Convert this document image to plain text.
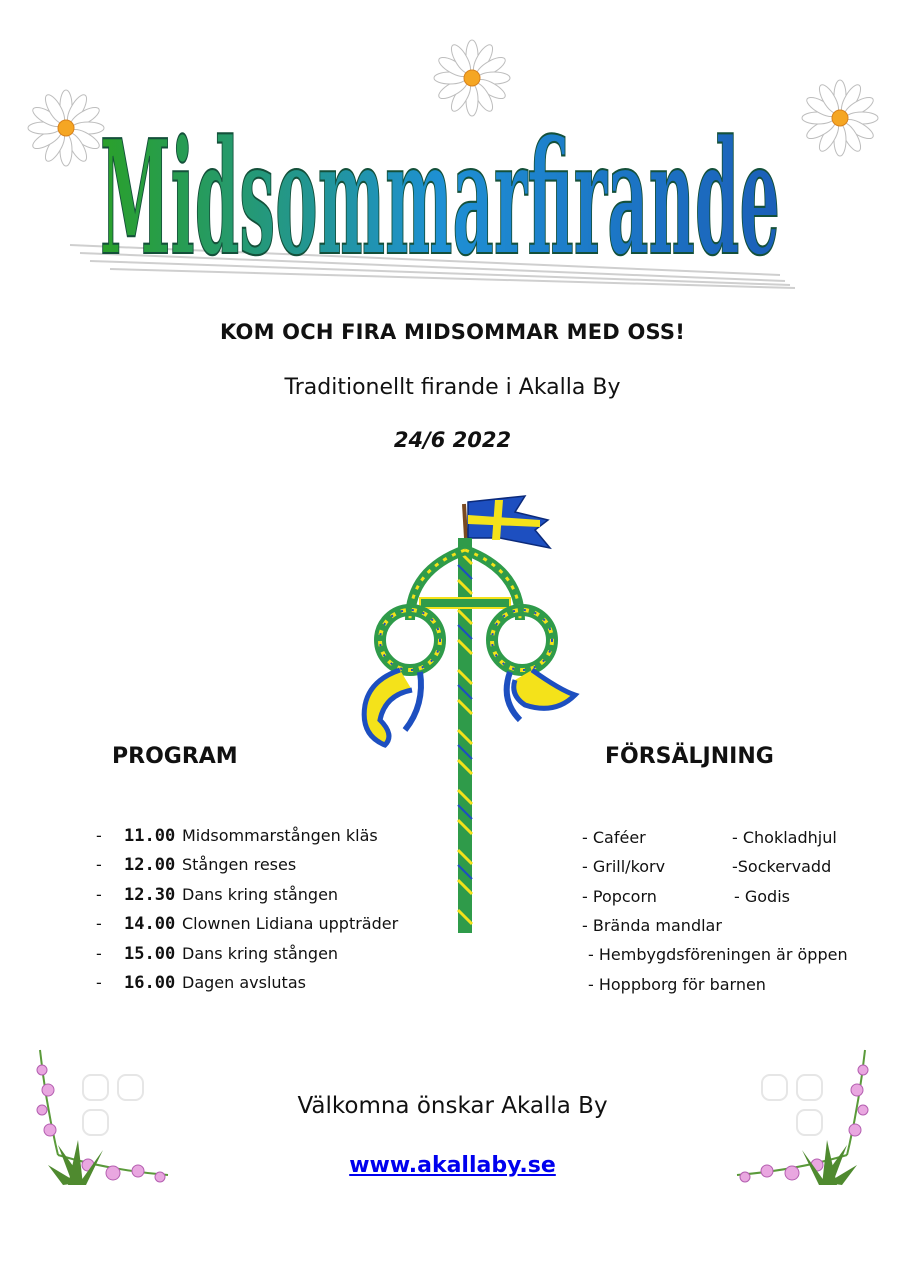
Midsommarfirande
KOM OCH FIRA MIDSOMMAR MED OSS!
Traditionellt firande i Akalla By
24/6 2022
PROGRAM	FÖRSÄLJNING
- 11.00 Midsommarstången kläs
- 12.00 Stången reses
- 12.30 Dans kring stången
- 14.00 Clownen Lidiana uppträder
- 15.00 Dans kring stången
- 16.00 Dagen avslutas
- Caféer	- Chokladhjul
- Grill/korv	-Sockervadd
- Popcorn	- Godis
- Brända mandlar
- Hembygdsföreningen är öppen
- Hoppborg för barnen
Välkomna önskar Akalla By
www.akallaby.se
